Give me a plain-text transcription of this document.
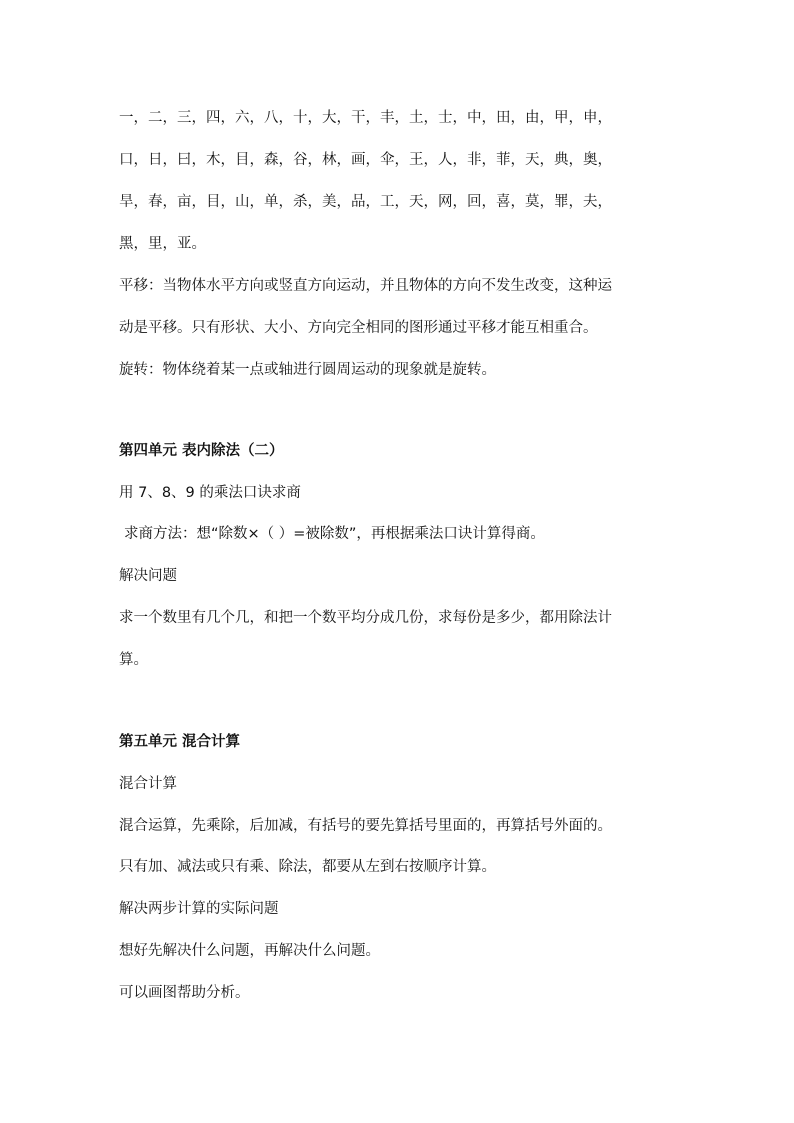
一，二，三，四，六，八，十，大，干，丰，土，士，中，田，由，甲，申，
口，日，曰，木，目，森，谷，林，画，伞，王，人，非，菲，天，典，奥，
旱，春，亩，目，山，单，杀，美，品，工，天，网，回，喜，莫，罪，夫，
黑，里，亚。
平移：当物体水平方向或竖直方向运动，并且物体的方向不发生改变，这种运
动是平移。只有形状、大小、方向完全相同的图形通过平移才能互相重合。
旋转：物体绕着某一点或轴进行圆周运动的现象就是旋转。
第四单元 表内除法（二）
用 7、8、9 的乘法口诀求商
求商方法：想“除数×（ ）=被除数”，再根据乘法口诀计算得商。
解决问题
求一个数里有几个几，和把一个数平均分成几份，求每份是多少，都用除法计
算。
第五单元 混合计算
混合计算
混合运算，先乘除，后加减，有括号的要先算括号里面的，再算括号外面的。
只有加、减法或只有乘、除法，都要从左到右按顺序计算。
解决两步计算的实际问题
想好先解决什么问题，再解决什么问题。
可以画图帮助分析。
